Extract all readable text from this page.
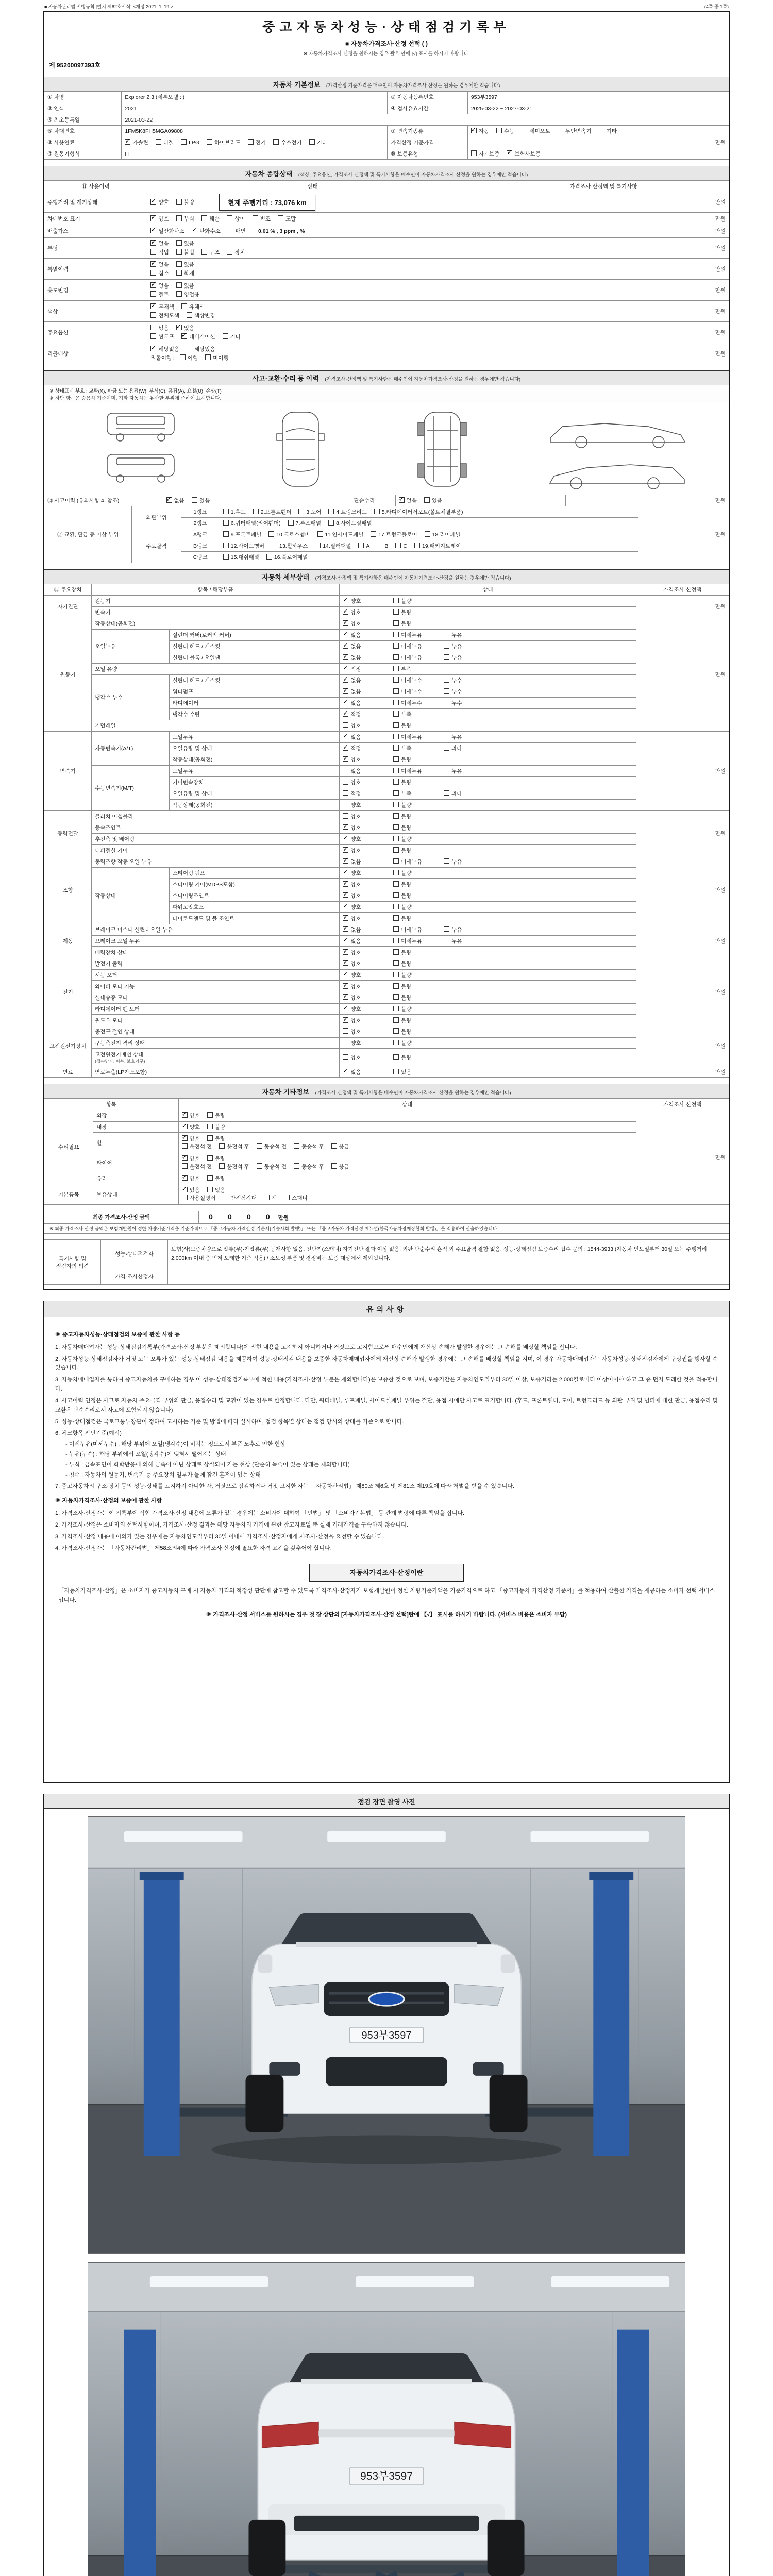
■ 자동차관리법 시행규칙 [별지 제82호서식] <개정 2021. 1. 19.>	(4쪽 중 1쪽)
중고자동차성능·상태점검기록부
■ 자동차가격조사·산정 선택 ( )
※ 자동차가격조사·산정을 원하시는 경우 괄호 안에 [√] 표시를 하시기 바랍니다.
제 95200097393호
자동차 기본정보 (가격산정 기준가격은 매수인이 자동차가격조사·산정을 원하는 경우에만 적습니다)
① 차명	Explorer 2.3 (세부모델 : )	② 자동차등록번호	953부3597
③ 연식	2021	④ 검사유효기간	2025-03-22 ~ 2027-03-21
⑤ 최초등록일	2021-03-22		
⑥ 차대번호	1FM5K8FH5MGA09808	⑦ 변속기종류	✓자동 수동 세미오토 무단변속기 기타
⑧ 사용연료	✓가솔린 디젤 LPG 하이브리드 전기 수소전기 기타	가격산정 기준가격	만원
⑨ 원동기형식	H	⑩ 보증유형	자가보증 ✓ 보험사보증
자동차 종합상태 (색상, 주요옵션, 가격조사·산정액 및 특기사항은 매수인이 자동차가격조사·산정을 원하는 경우에만 적습니다)
⑪ 사용이력	상태	가격조사·산정액 및 특기사항
주행거리 및 계기상태	
✓양호 불량 현재 주행거리 : 73,076 km	만원
차대번호 표기	
✓양호 부식 훼손 상이 변조 도말	만원
배출가스	
✓일산화탄소 ✓ 탄화수소 매연 0.01 % , 3 ppm , %	만원
튜닝	
✓없음 있음
적법 불법 구조 장치	만원
특별이력	
✓없음 있음
침수 화재	만원
용도변경	
✓없음 있음
렌트 영업용	만원
색상	
✓무채색 유채색
전체도색 색상변경	만원
주요옵션	없음 ✓ 있음
썬루프 ✓ 네비게이션 기타	만원
리콜대상	
✓해당없음 해당있음
리콜이행 : 이행 미이행	만원
사고·교환·수리 등 이력 (가격조사·산정액 및 특기사항은 매수인이 자동차가격조사·산정을 원하는 경우에만 적습니다)
※ 상태표시 부호 : 교환(X), 판금 또는 용접(W), 부식(C), 흠집(A), 요철(U), 손상(T)
※ 하단 항목은 승용차 기준이며, 기타 자동차는 유사한 부위에 준하여 표시합니다.
⑬ 사고이력 (유의사항 4. 참조)	✓없음	있음	단순수리	✓없음	있음	만원
⑭ 교환, 판금 등 이상 부위	외판부위	1랭크	1.후드 2.프론트휀더 3.도어 4.트렁크리드 5.라디에이터서포트(볼트체결부품)	만원
		2랭크	6.쿼터패널(리어휀더) 7.루프패널 8.사이드실패널	
	주요골격	A랭크	9.프론트패널 10.크로스멤버 11.인사이드패널 17.트렁크플로어 18.리어패널	
		B랭크	12.사이드멤버 13.휠하우스 14.필러패널 A B C 19.패키지트레이	
		C랭크	15.대쉬패널 16.플로어패널	
자동차 세부상태 (가격조사·산정액 및 특기사항은 매수인이 자동차가격조사·산정을 원하는 경우에만 적습니다)
⑮ 주요장치	항목 / 해당부품		상태	가격조사·산정액
자기진단	원동기	✓양호 불량	만원
	변속기	✓양호 불량
원동기	작동상태(공회전)	✓양호 불량	만원
	오일누유	실린더 커버(로커암 커버)	✓없음 미세누유 누유
		실린더 헤드 / 개스킷	✓없음 미세누유 누유
		실린더 블록 / 오일팬	✓없음 미세누유 누유
	오일 유량	✓적정 부족
	냉각수 누수	실린더 헤드 / 개스킷	✓없음 미세누수 누수
		워터펌프	✓없음 미세누수 누수
		라디에이터	✓없음 미세누수 누수
		냉각수 수량	✓적정 부족
	커먼레일		양호 불량	
변속기	자동변속기(A/T)	오일누유	✓없음 미세누유 누유	만원
		오일유량 및 상태	✓적정 부족 과다
		작동상태(공회전)	✓양호 불량
	수동변속기(M/T)	오일누유	없음 미세누유 누유	
		기어변속장치	양호 불량	
		오일유량 및 상태	적정 부족 과다	
		작동상태(공회전)	양호 불량	
동력전달	클러치 어셈블리		양호 불량	만원
	등속조인트	✓양호 불량
	추진축 및 베어링	✓양호 불량
	디퍼렌셜 기어	✓양호 불량
조향	동력조향 작동 오일 누유	✓없음 미세누유 누유	만원
	작동상태	스티어링 펌프	✓양호 불량
		스티어링 기어(MDPS포함)	✓양호 불량
		스티어링조인트	✓양호 불량
		파워고압호스	✓양호 불량
		타이로드엔드 및 볼 조인트	✓양호 불량
제동	브레이크 마스터 실린더오일 누유	✓없음 미세누유 누유	만원
	브레이크 오일 누유	✓없음 미세누유 누유
	배력장치 상태	✓양호 불량
전기	발전기 출력	✓양호 불량	만원
	시동 모터	✓양호 불량
	와이퍼 모터 기능	✓양호 불량
	실내송풍 모터	✓양호 불량
	라디에이터 팬 모터	✓양호 불량
	윈도우 모터	✓양호 불량
고전원전기장치	충전구 절연 상태		양호 불량	만원
	구동축전지 격리 상태		양호 불량	
	고전원전기배선 상태
(접속단자, 피복, 보호기구)		양호 불량	
연료	연료누출(LP가스포함)	✓없음 있음	만원
자동차 기타정보 (가격조사·산정액 및 특기사항은 매수인이 자동차가격조사·산정을 원하는 경우에만 적습니다)
항목		상태	가격조사·산정액
수리필요	외장	✓양호 불량	만원
	내장	✓양호 불량
	휠	✓양호 불량
운전석 전 운전석 후 동승석 전 동승석 후 응급

	타이어	✓양호 불량
운전석 전 운전석 후 동승석 전 동승석 후 응급

	유리	✓양호 불량
기본품목	보유상태	✓있음 없음
사용설명서 안전삼각대 잭 스패너
최종 가격조사·산정 금액	0 0 0 0 만원
※ 최종 가격조사·산정 금액은 보험개발원이 정한 차량기준가액을 기준가격으로 「중고자동차 가격산정 기준서(기술사회 발행)」 또는 「중고자동차 가격산정 매뉴얼(한국자동차경매장협회 발행)」을 적용하여 산출하였습니다.
특기사항 및 점검자의 의견	성능·상태점검자	보험(사)보증차량으로 압류(무)·가압류(무) 등재사항 없음. 진단기(스캐너) 자기진단 결과 이상 없음. 외판 단순수리 흔적 외 주요골격 결함 없음. 성능·상태점검 보증수리 접수 문의 : 1544-3933 (자동차 인도일부터 30일 또는 주행거리 2,000km 이내 중 먼저 도래한 기준 적용) / 소모성 부품 및 경정비는 보증 대상에서 제외됩니다.
	가격·조사산정자	
유의사항
※ 중고자동차성능·상태점검의 보증에 관한 사항 등
1. 자동차매매업자는 성능·상태점검기록부(가격조사·산정 부분은 제외합니다)에 적힌 내용을 고지하지 아니하거나 거짓으로 고지함으로써 매수인에게 재산상 손해가 발생한 경우에는 그 손해를 배상할 책임을 집니다.
2. 자동차성능·상태점검자가 거짓 또는 오류가 있는 성능·상태점검 내용을 제공하여 성능·상태점검 내용을 보증한 자동차매매업자에게 재산상 손해가 발생한 경우에는 그 손해를 배상할 책임을 지며, 이 경우 자동차매매업자는 자동차성능·상태점검자에게 구상권을 행사할 수 있습니다.
3. 자동차매매업자를 통하여 중고자동차를 구매하는 경우 이 성능·상태점검기록부에 적힌 내용(가격조사·산정 부분은 제외합니다)은 보증한 것으로 보며, 보증기간은 자동차인도일부터 30일 이상, 보증거리는 2,000킬로미터 이상이어야 하고 그 중 먼저 도래한 것을 적용합니다.
4. 사고이력 인정은 사고로 자동차 주요골격 부위의 판금, 용접수리 및 교환이 있는 경우로 한정합니다. 다만, 쿼터패널, 루프패널, 사이드실패널 부위는 절단, 용접 시에만 사고로 표기합니다. (후드, 프론트휀더, 도어, 트렁크리드 등 외판 부위 및 범퍼에 대한 판금, 용접수리 및 교환은 단순수리로서 사고에 포함되지 않습니다)
5. 성능·상태점검은 국토교통부장관이 정하여 고시하는 기준 및 방법에 따라 실시하며, 점검 항목별 상태는 점검 당시의 상태를 기준으로 합니다.
6. 체크항목 판단기준(예시)
- 미세누유(미세누수) : 해당 부위에 오일(냉각수)이 비치는 정도로서 부품 노후로 인한 현상
- 누유(누수) : 해당 부위에서 오일(냉각수)이 맺혀서 떨어지는 상태
- 부식 : 금속표면이 화학반응에 의해 금속이 아닌 상태로 상실되어 가는 현상 (단순히 녹슬어 있는 상태는 제외합니다)
- 침수 : 자동차의 원동기, 변속기 등 주요장치 일부가 물에 잠긴 흔적이 있는 상태
7. 중고자동차의 구조·장치 등의 성능·상태를 고지하지 아니한 자, 거짓으로 점검하거나 거짓 고지한 자는 「자동차관리법」 제80조 제6호 및 제81조 제19호에 따라 처벌을 받을 수 있습니다.
※ 자동차가격조사·산정의 보증에 관한 사항
1. 가격조사·산정자는 이 기록부에 적힌 가격조사·산정 내용에 오류가 있는 경우에는 소비자에 대하여 「민법」 및 「소비자기본법」 등 관계 법령에 따른 책임을 집니다.
2. 가격조사·산정은 소비자의 선택사항이며, 가격조사·산정 결과는 해당 자동차의 가격에 관한 참고자료일 뿐 실제 거래가격을 구속하지 않습니다.
3. 가격조사·산정 내용에 이의가 있는 경우에는 자동차인도일부터 30일 이내에 가격조사·산정자에게 재조사·산정을 요청할 수 있습니다.
4. 가격조사·산정자는 「자동차관리법」 제58조의4에 따라 가격조사·산정에 필요한 자격 요건을 갖추어야 합니다.
자동차가격조사·산정이란
「자동차가격조사·산정」은 소비자가 중고자동차 구매 시 자동차 가격의 적정성 판단에 참고할 수 있도록 가격조사·산정자가 보험개발원이 정한 차량기준가액을 기준가격으로 하고 「중고자동차 가격산정 기준서」를 적용하여 산출한 가격을 제공하는 소비자 선택 서비스입니다.
※ 가격조사·산정 서비스를 원하시는 경우 첫 장 상단의 [자동차가격조사·산정 선택]란에 【√】 표시를 하시기 바랍니다. (서비스 비용은 소비자 부담)
점검 장면 촬영 사진
953부3597
953부3597
